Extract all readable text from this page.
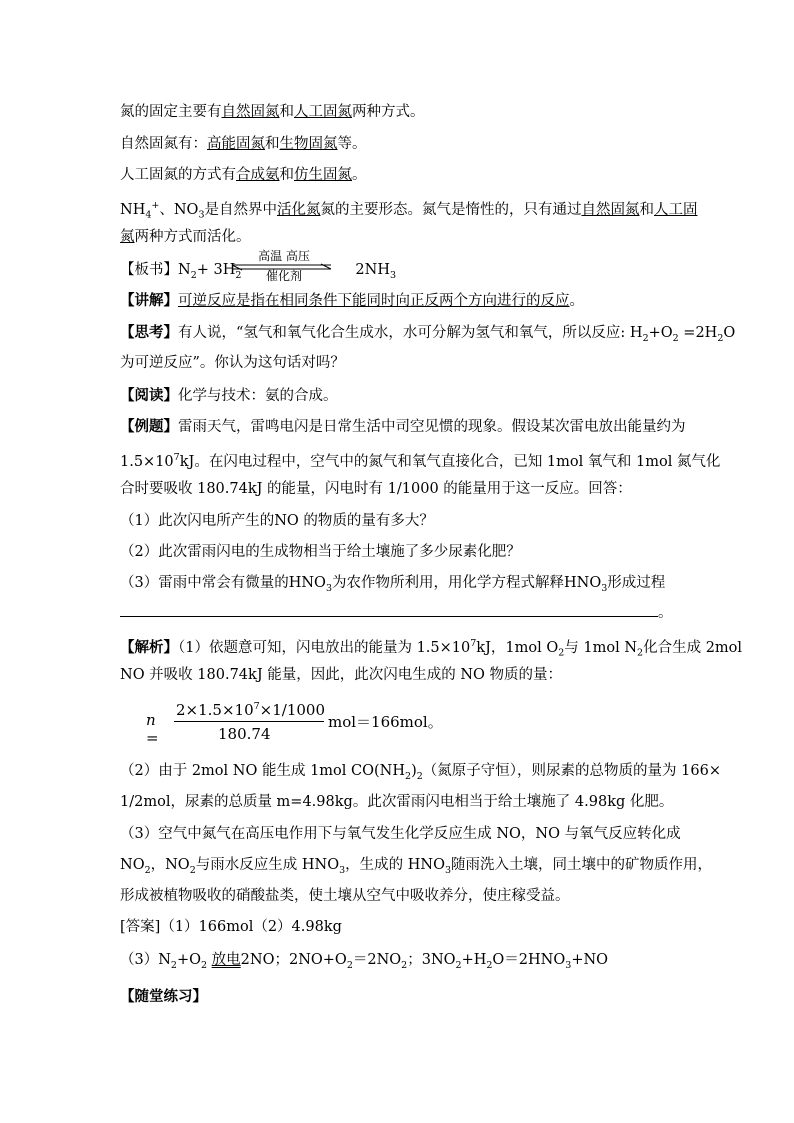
氮的固定主要有自然固氮和人工固氮两种方式。
自然固氮有：高能固氮和生物固氮等。
人工固氮的方式有合成氨和仿生固氮。
$NH_4^+$、$NO_3$是自然界中活化氮氮的主要形态。氮气是惰性的，只有通过自然固氮和人工固
氮两种方式而活化。
【板书】$N_2+ 3H_2$	$2NH_3$
高温 高压
催化剂
【讲解】可逆反应是指在相同条件下能同时向正反两个方向进行的反应。
【思考】有人说，“氢气和氧气化合生成水，水可分解为氢气和氧气，所以反应: $H_2+O_2 =2H_2O$
为可逆反应”。你认为这句话对吗？
【阅读】化学与技术：氨的合成。
【例题】雷雨天气，雷鸣电闪是日常生活中司空见惯的现象。假设某次雷电放出能量约为
$1.5\times 10^7kJ$。在闪电过程中，空气中的氮气和氧气直接化合，已知 1mol 氧气和 1mol 氮气化
合时要吸收 180.74kJ 的能量，闪电时有 1/1000 的能量用于这一反应。回答：
（1）此次闪电所产生的NO 的物质的量有多大？
（2）此次雷雨闪电的生成物相当于给土壤施了多少尿素化肥？
（3）雷雨中常会有微量的$HNO_3$为农作物所利用，用化学方程式解释$HNO_3$形成过程
。
【解析】（1）依题意可知，闪电放出的能量为 $1.5\times 10^7kJ$，1mol $O_2$与 1mol $N_2$化合生成 2mol
NO 并吸收 180.74kJ 能量，因此，此次闪电生成的 NO 物质的量：
n =
$2\times 1.5\times 10^7\times 1/1000$
180.74
mol＝166mol。
（2）由于 2mol NO 能生成 1mol $CO(NH_2)_2$（氮原子守恒），则尿素的总物质的量为 166×
1/2mol，尿素的总质量 m=4.98kg。此次雷雨闪电相当于给土壤施了 4.98kg 化肥。
（3）空气中氮气在高压电作用下与氧气发生化学反应生成 NO，NO 与氧气反应转化成
$NO_2$，$NO_2$与雨水反应生成 $HNO_3$，生成的 $HNO_3$随雨洗入土壤，同土壤中的矿物质作用，
形成被植物吸收的硝酸盐类，使土壤从空气中吸收养分，使庄稼受益。
[答案]（1）166mol（2）4.98kg
$(3)N_2+O_2$ 放电2NO；$2NO+O_2=2NO_2$；$3NO_2+H_2O=2HNO_3+NO$
【随堂练习】
